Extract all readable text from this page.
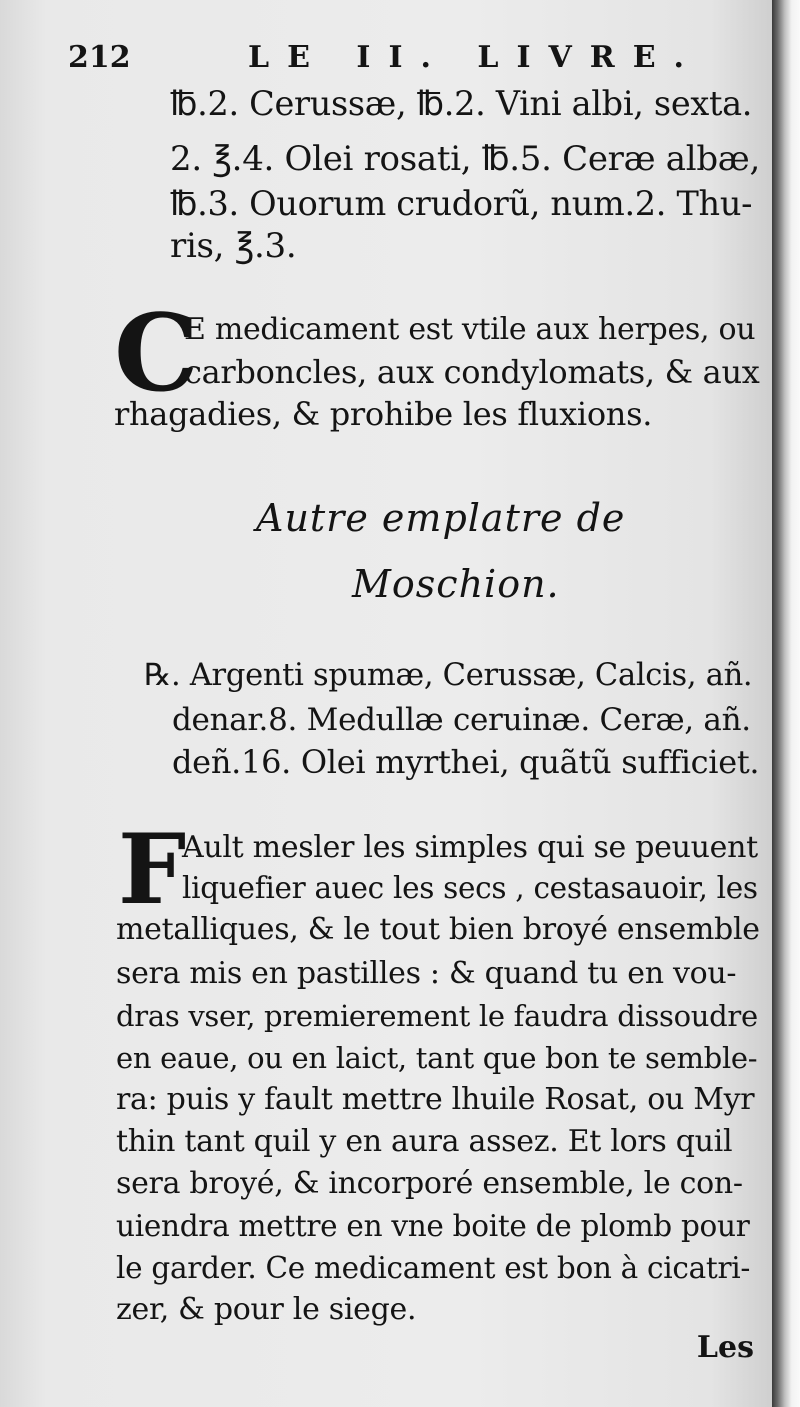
212	LE II. LIVRE.
℔.2. Cerussæ, ℔.2. Vini albi, sexta.
2. ℥.4. Olei rosati, ℔.5. Ceræ albæ,
℔.3. Ouorum crudorũ, num.2. Thu-
ris, ℥.3.
C
E medicament est vtile aux herpes, ou
carboncles, aux condylomats, & aux
rhagadies, & prohibe les fluxions.
Autre emplatre de
Moschion.
℞. Argenti spumæ, Cerussæ, Calcis, añ.
denar.8. Medullæ ceruinæ. Ceræ, añ.
deñ.16. Olei myrthei, quãtũ sufficiet.
F
Ault mesler les simples qui se peuuent
liquefier auec les secs , cestasauoir, les
metalliques, & le tout bien broyé ensemble
sera mis en pastilles : & quand tu en vou-
dras vser, premierement le faudra dissoudre
en eaue, ou en laict, tant que bon te semble-
ra: puis y fault mettre lhuile Rosat, ou Myr
thin tant quil y en aura assez. Et lors quil
sera broyé, & incorporé ensemble, le con-
uiendra mettre en vne boite de plomb pour
le garder. Ce medicament est bon à cicatri-
zer, & pour le siege.
Les
